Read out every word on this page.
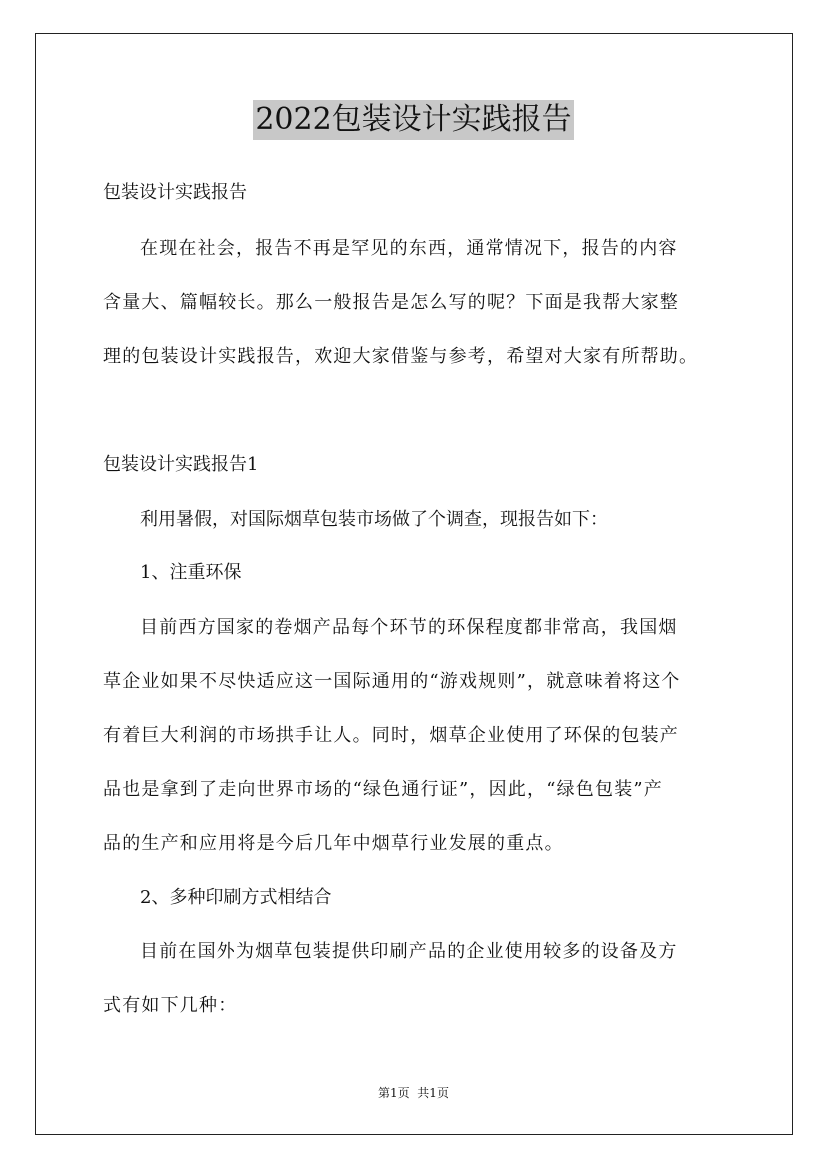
2022包装设计实践报告
包装设计实践报告
在现在社会，报告不再是罕见的东西，通常情况下，报告的内容
含量大、篇幅较长。那么一般报告是怎么写的呢？下面是我帮大家整
理的包装设计实践报告，欢迎大家借鉴与参考，希望对大家有所帮助。
包装设计实践报告1
利用暑假，对国际烟草包装市场做了个调查，现报告如下：
1、注重环保
目前西方国家的卷烟产品每个环节的环保程度都非常高，我国烟
草企业如果不尽快适应这一国际通用的“游戏规则”，就意味着将这个
有着巨大利润的市场拱手让人。同时，烟草企业使用了环保的包装产
品也是拿到了走向世界市场的“绿色通行证”，因此，“绿色包装”产
品的生产和应用将是今后几年中烟草行业发展的重点。
2、多种印刷方式相结合
目前在国外为烟草包装提供印刷产品的企业使用较多的设备及方
式有如下几种：
第1页  共1页
